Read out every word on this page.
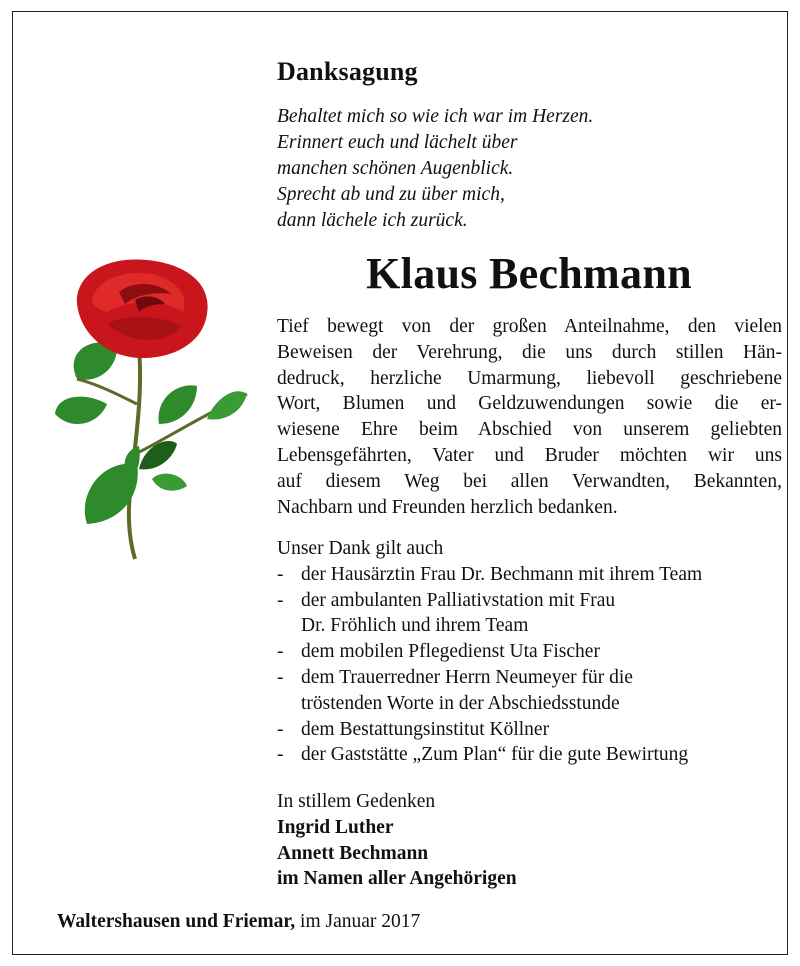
Danksagung
Behaltet mich so wie ich war im Herzen.
Erinnert euch und lächelt über
manchen schönen Augenblick.
Sprecht ab und zu über mich,
dann lächele ich zurück.
Klaus Bechmann
Tief bewegt von der großen Anteilnahme, den vielen
Beweisen der Verehrung, die uns durch stillen Hän-
dedruck, herzliche Umarmung, liebevoll geschriebene
Wort, Blumen und Geldzuwendungen sowie die er-
wiesene Ehre beim Abschied von unserem geliebten
Lebensgefährten, Vater und Bruder möchten wir uns
auf diesem Weg bei allen Verwandten, Bekannten,
Nachbarn und Freunden herzlich bedanken.
Unser Dank gilt auch
- der Hausärztin Frau Dr. Bechmann mit ihrem Team
- der ambulanten Palliativstation mit Frau
Dr. Fröhlich und ihrem Team
- dem mobilen Pflegedienst Uta Fischer
- dem Trauerredner Herrn Neumeyer für die
tröstenden Worte in der Abschiedsstunde
- dem Bestattungsinstitut Köllner
- der Gaststätte „Zum Plan“ für die gute Bewirtung
In stillem Gedenken
Ingrid Luther
Annett Bechmann
im Namen aller Angehörigen
Waltershausen und Friemar, im Januar 2017
